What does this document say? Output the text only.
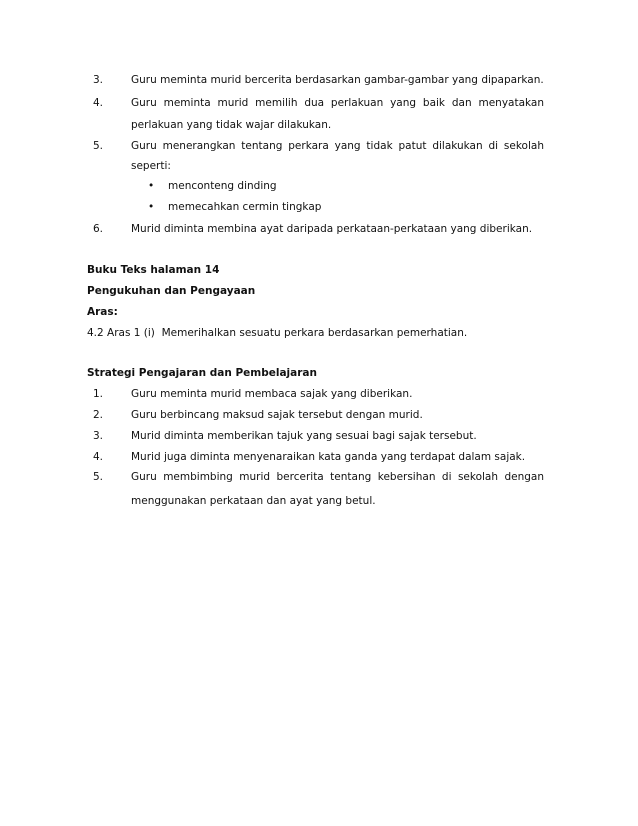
3.	Guru meminta murid bercerita berdasarkan gambar-gambar yang dipaparkan.
4.	Guru meminta murid memilih dua perlakuan yang baik dan menyatakan
perlakuan yang tidak wajar dilakukan.
5.	Guru menerangkan tentang perkara yang tidak patut dilakukan di sekolah
seperti:
• menconteng dinding
• memecahkan cermin tingkap
6.	Murid diminta membina ayat daripada perkataan-perkataan yang diberikan.
Buku Teks halaman 14
Pengukuhan dan Pengayaan
Aras:
4.2 Aras 1 (i)  Memerihalkan sesuatu perkara berdasarkan pemerhatian.
Strategi Pengajaran dan Pembelajaran
1.	Guru meminta murid membaca sajak yang diberikan.
2.	Guru berbincang maksud sajak tersebut dengan murid.
3.	Murid diminta memberikan tajuk yang sesuai bagi sajak tersebut.
4.	Murid juga diminta menyenaraikan kata ganda yang terdapat dalam sajak.
5.	Guru membimbing murid bercerita tentang kebersihan di sekolah dengan
menggunakan perkataan dan ayat yang betul.
